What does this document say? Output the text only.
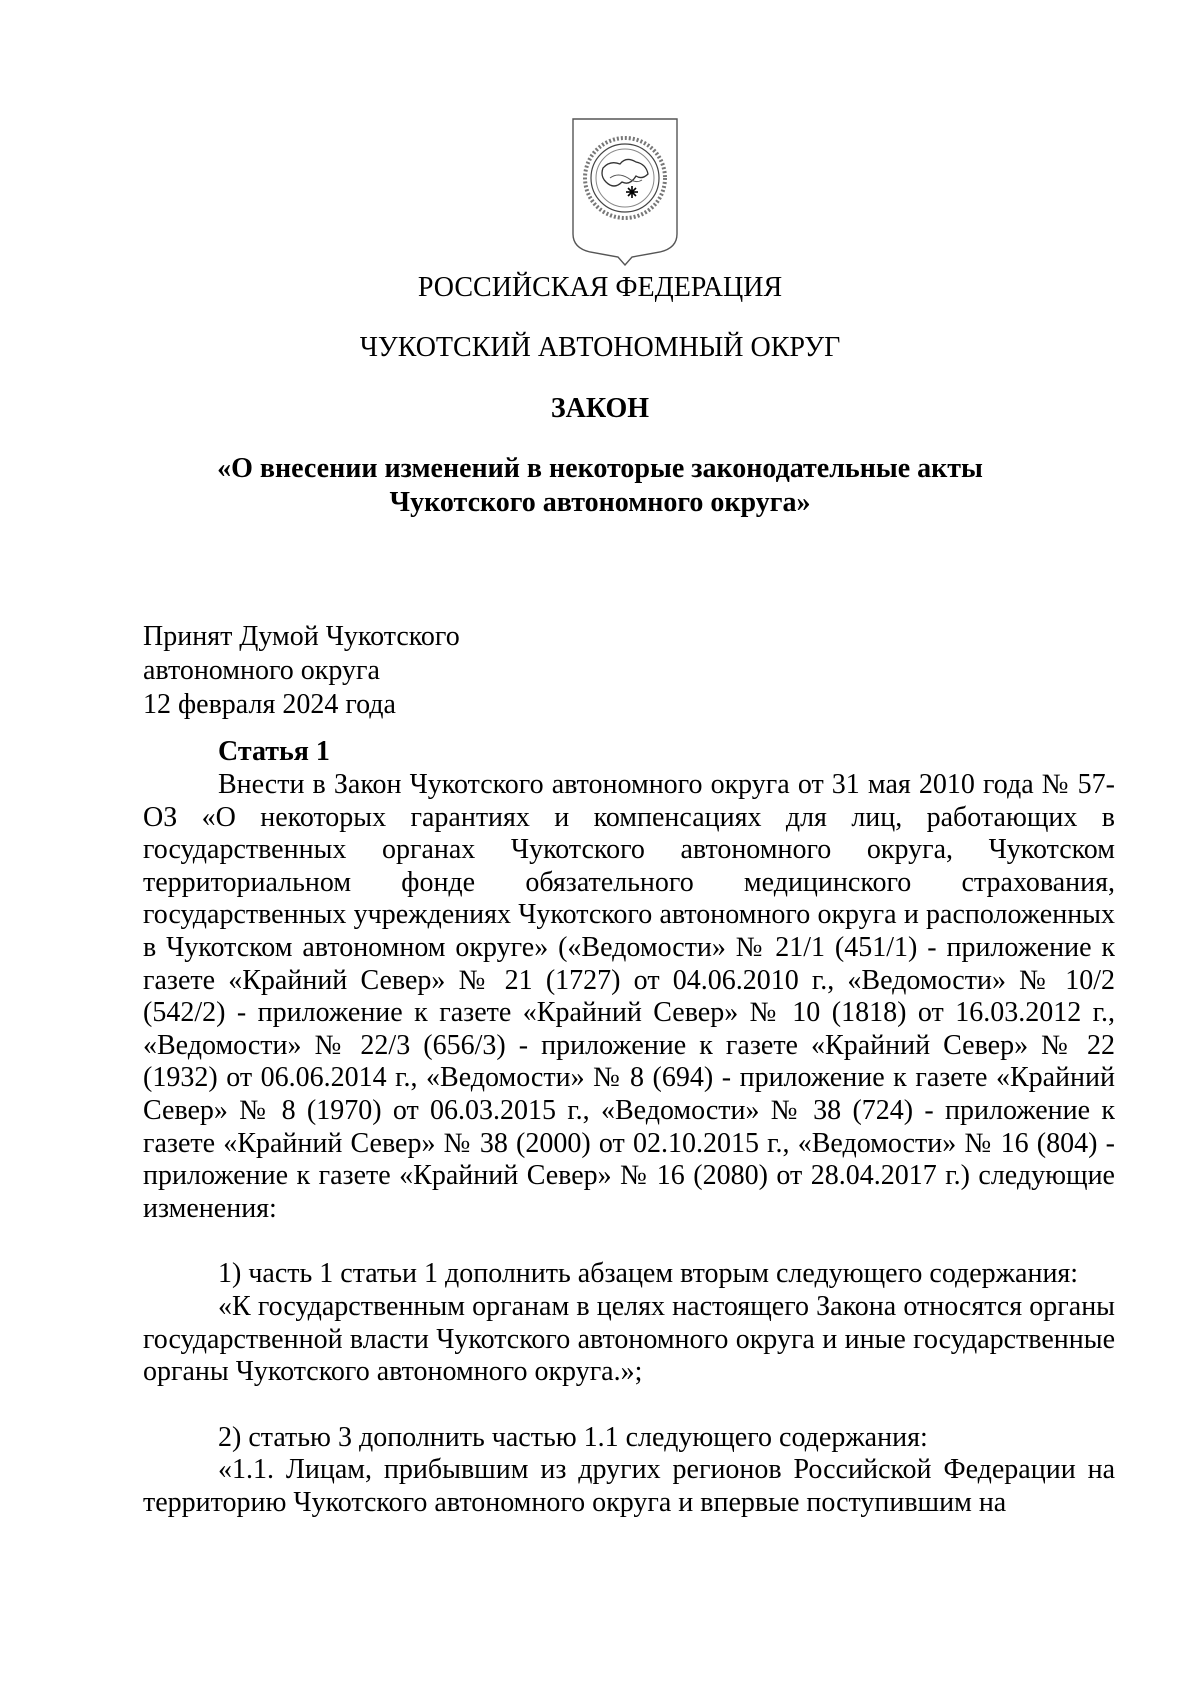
РОССИЙСКАЯ ФЕДЕРАЦИЯ
ЧУКОТСКИЙ АВТОНОМНЫЙ ОКРУГ
ЗАКОН
«О внесении изменений в некоторые законодательные акты
Чукотского автономного округа»
Принят Думой Чукотского
автономного округа
12 февраля 2024 года
Статья 1

Внести в Закон Чукотского автономного округа от 31 мая 2010 года № 57-ОЗ «О некоторых гарантиях и компенсациях для лиц, работающих в государственных органах Чукотского автономного округа, Чукотском территориальном фонде обязательного медицинского страхования, государственных учреждениях Чукотского автономного округа и расположенных в Чукотском автономном округе» («Ведомости» № 21/1 (451/1) - приложение к газете «Крайний Север» № 21 (1727) от 04.06.2010 г., «Ведомости» № 10/2 (542/2) - приложение к газете «Крайний Север» № 10 (1818) от 16.03.2012 г., «Ведомости» № 22/3 (656/3) - приложение к газете «Крайний Север» № 22 (1932) от 06.06.2014 г., «Ведомости» № 8 (694) - приложение к газете «Крайний Север» № 8 (1970) от 06.03.2015 г., «Ведомости» № 38 (724) - приложение к газете «Крайний Север» № 38 (2000) от 02.10.2015 г., «Ведомости» № 16 (804) - приложение к газете «Крайний Север» № 16 (2080) от 28.04.2017 г.) следующие изменения:

1) часть 1 статьи 1 дополнить абзацем вторым следующего содержания:

«К государственным органам в целях настоящего Закона относятся органы государственной власти Чукотского автономного округа и иные государственные органы Чукотского автономного округа.»;

2) статью 3 дополнить частью 1.1 следующего содержания:

«1.1. Лицам, прибывшим из других регионов Российской Федерации на территорию Чукотского автономного округа и впервые поступившим на
